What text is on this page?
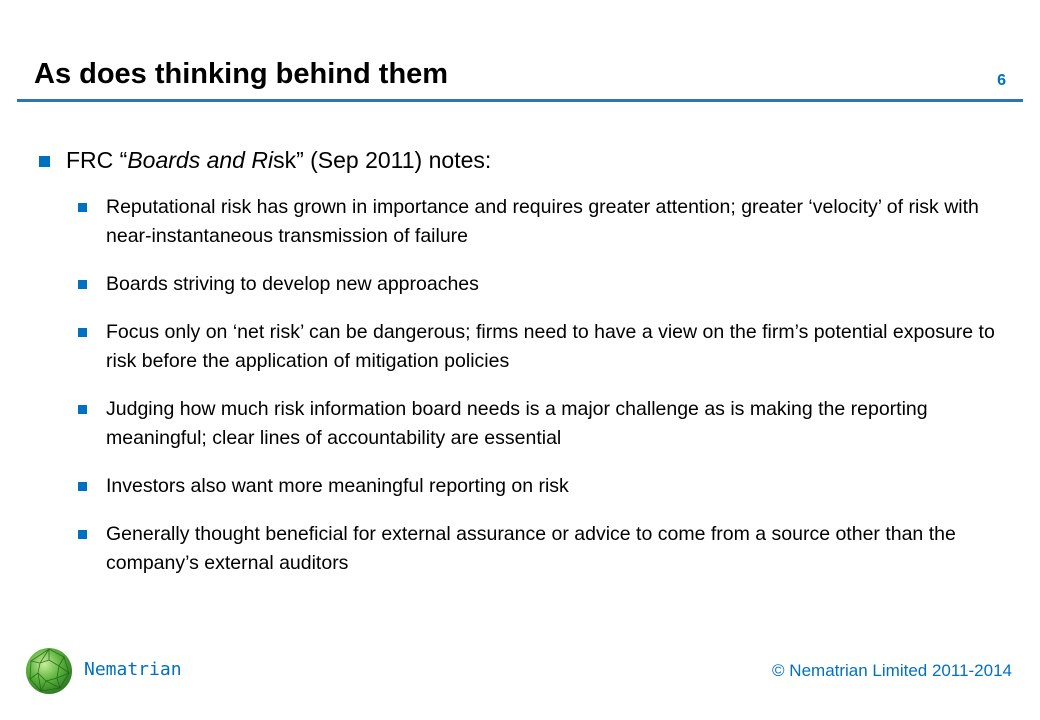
As does thinking behind them	6
FRC “Boards and Risk” (Sep 2011) notes:
Reputational risk has grown in importance and requires greater attention; greater ‘velocity’ of risk with near-instantaneous transmission of failure
Boards striving to develop new approaches
Focus only on ‘net risk’ can be dangerous; firms need to have a view on the firm’s potential exposure to risk before the application of mitigation policies
Judging how much risk information board needs is a major challenge as is making the reporting meaningful; clear lines of accountability are essential
Investors also want more meaningful reporting on risk
Generally thought beneficial for external assurance or advice to come from a source other than the company’s external auditors
Nematrian	© Nematrian Limited 2011-2014
